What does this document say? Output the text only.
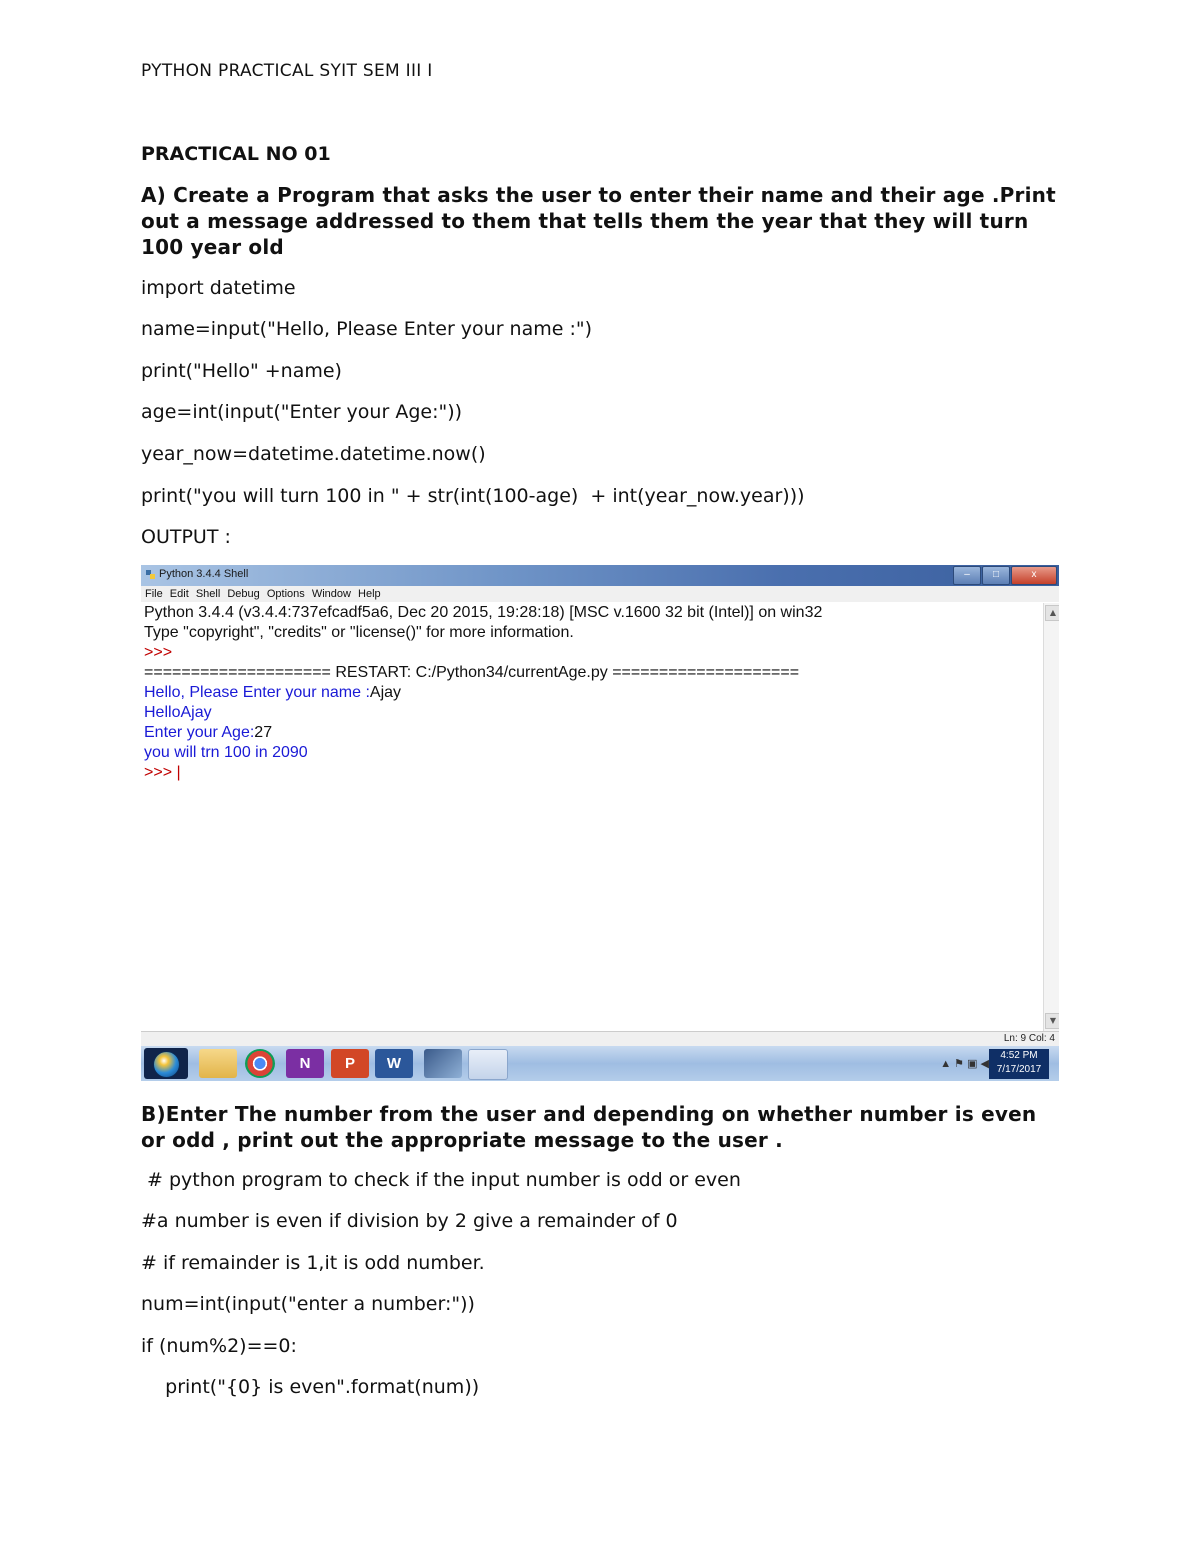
PYTHON PRACTICAL SYIT SEM III I
PRACTICAL NO 01
A) Create a Program that asks the user to enter their name and their age .Print out a message addressed to them that tells them the year that they will turn 100 year old
import datetime
name=input("Hello, Please Enter your name :")
print("Hello" +name)
age=int(input("Enter your Age:"))
year_now=datetime.datetime.now()
print("you will turn 100 in " + str(int(100-age)  + int(year_now.year)))
OUTPUT :
Python 3.4.4 Shell	–	□	x
File Edit Shell Debug Options Window Help
Python 3.4.4 (v3.4.4:737efcadf5a6, Dec 20 2015, 19:28:18) [MSC v.1600 32 bit (Intel)] on win32
Type "copyright", "credits" or "license()" for more information.
>>>
==================== RESTART: C:/Python34/currentAge.py ====================
Hello, Please Enter your name :Ajay
HelloAjay
Enter your Age:27
you will trn 100 in 2090
>>> |
▲
▼
Ln: 9 Col: 4
N	P	W	▲ ⚑ ▣ ◀
4:52 PM
7/17/2017
B)Enter The number from the user and depending on whether number is even or odd , print out the appropriate message to the user .
# python program to check if the input number is odd or even
#a number is even if division by 2 give a remainder of 0
# if remainder is 1,it is odd number.
num=int(input("enter a number:"))
if (num%2)==0:
print("{0} is even".format(num))
